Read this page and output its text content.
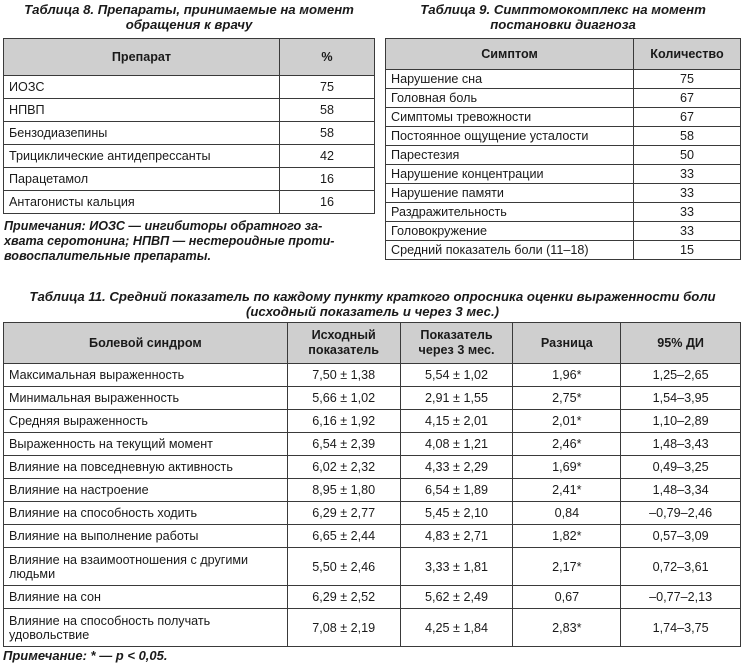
Таблица 8. Препараты, принимаемые на момент обращения к врачу
Препарат	%
ИОЗС	75
НПВП	58
Бензодиазепины	58
Трициклические антидепрессанты	42
Парацетамол	16
Антагонисты кальция	16
Примечания: ИОЗС — ингибиторы обратного за-
хвата серотонина; НПВП — нестероидные проти-
вовоспалительные препараты.
Таблица 9. Симптомокомплекс на момент
постановки диагноза
Симптом	Количество
Нарушение сна	75
Головная боль	67
Симптомы тревожности	67
Постоянное ощущение усталости	58
Парестезия	50
Нарушение концентрации	33
Нарушение памяти	33
Раздражительность	33
Головокружение	33
Средний показатель боли (11–18)	15
Таблица 11. Средний показатель по каждому пункту краткого опросника оценки выраженности боли
(исходный показатель и через 3 мес.)
Болевой синдром	Исходный показатель	Показатель через 3 мес.	Разница	95% ДИ
Максимальная выраженность	7,50 ± 1,38	5,54 ± 1,02	1,96*	1,25–2,65
Минимальная выраженность	5,66 ± 1,02	2,91 ± 1,55	2,75*	1,54–3,95
Средняя выраженность	6,16 ± 1,92	4,15 ± 2,01	2,01*	1,10–2,89
Выраженность на текущий момент	6,54 ± 2,39	4,08 ± 1,21	2,46*	1,48–3,43
Влияние на повседневную активность	6,02 ± 2,32	4,33 ± 2,29	1,69*	0,49–3,25
Влияние на настроение	8,95 ± 1,80	6,54 ± 1,89	2,41*	1,48–3,34
Влияние на способность ходить	6,29 ± 2,77	5,45 ± 2,10	0,84	–0,79–2,46
Влияние на выполнение работы	6,65 ± 2,44	4,83 ± 2,71	1,82*	0,57–3,09
Влияние на взаимоотношения с другими людьми	5,50 ± 2,46	3,33 ± 1,81	2,17*	0,72–3,61
Влияние на сон	6,29 ± 2,52	5,62 ± 2,49	0,67	–0,77–2,13
Влияние на способность получать удовольствие	7,08 ± 2,19	4,25 ± 1,84	2,83*	1,74–3,75
Примечание: * — p < 0,05.
